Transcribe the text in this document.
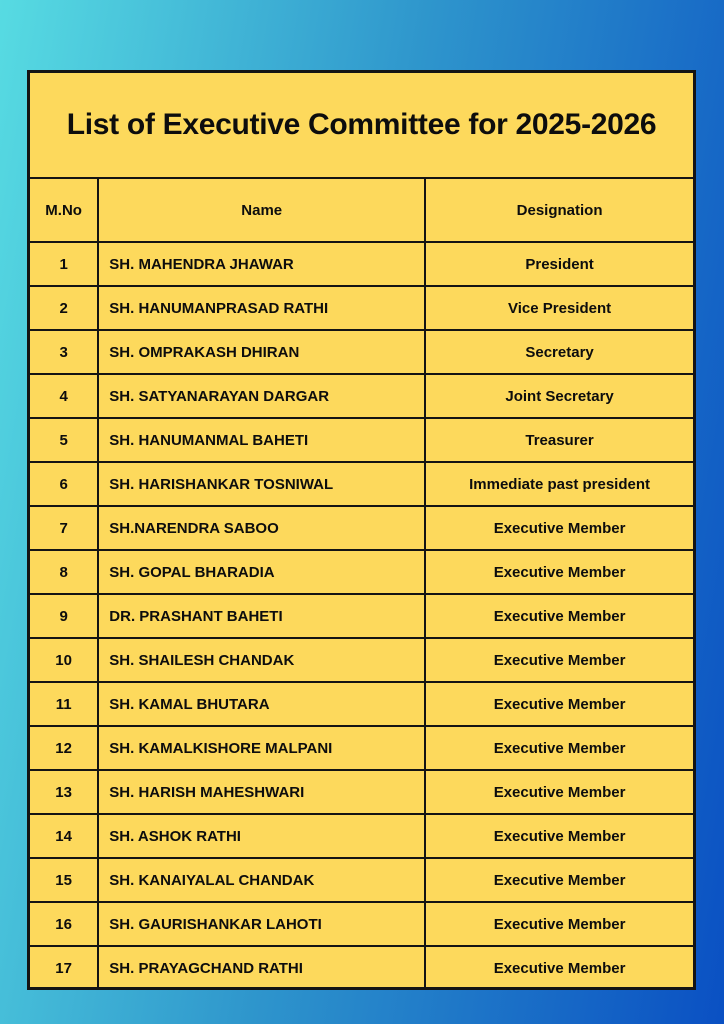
List of Executive Committee for 2025-2026
M.No	Name	Designation
1	SH. MAHENDRA JHAWAR	President
2	SH. HANUMANPRASAD RATHI	Vice President
3	SH. OMPRAKASH DHIRAN	Secretary
4	SH. SATYANARAYAN DARGAR	Joint Secretary
5	SH. HANUMANMAL BAHETI	Treasurer
6	SH. HARISHANKAR TOSNIWAL	Immediate past president
7	SH.NARENDRA SABOO	Executive Member
8	SH. GOPAL BHARADIA	Executive Member
9	DR. PRASHANT BAHETI	Executive Member
10	SH. SHAILESH CHANDAK	Executive Member
11	SH. KAMAL BHUTARA	Executive Member
12	SH. KAMALKISHORE MALPANI	Executive Member
13	SH. HARISH MAHESHWARI	Executive Member
14	SH. ASHOK RATHI	Executive Member
15	SH. KANAIYALAL CHANDAK	Executive Member
16	SH. GAURISHANKAR LAHOTI	Executive Member
17	SH. PRAYAGCHAND RATHI	Executive Member
